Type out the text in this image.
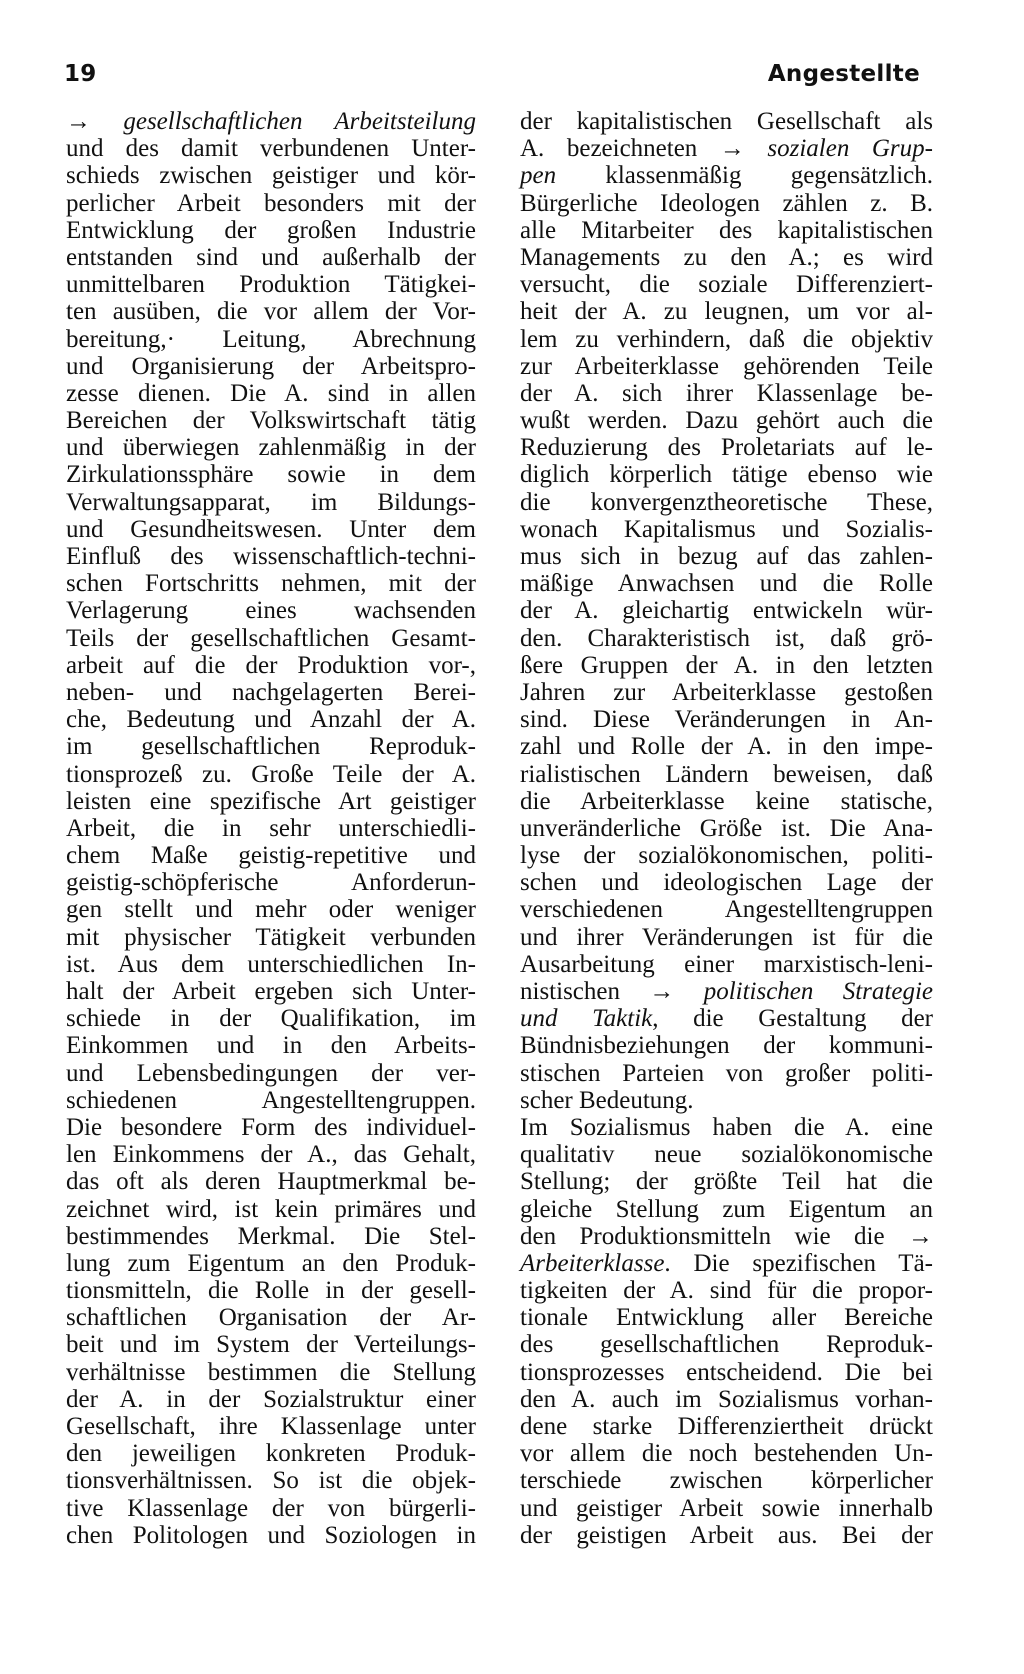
19	Angestellte
→ gesellschaftlichen Arbeitsteilung
und des damit verbundenen Unter-
schieds zwischen geistiger und kör-
perlicher Arbeit besonders mit der
Entwicklung der großen Industrie
entstanden sind und außerhalb der
unmittelbaren Produktion Tätigkei-
ten ausüben, die vor allem der Vor-
bereitung,· Leitung, Abrechnung
und Organisierung der Arbeitspro-
zesse dienen. Die A. sind in allen
Bereichen der Volkswirtschaft tätig
und überwiegen zahlenmäßig in der
Zirkulationssphäre sowie in dem
Verwaltungsapparat, im Bildungs-
und Gesundheitswesen. Unter dem
Einfluß des wissenschaftlich-techni-
schen Fortschritts nehmen, mit der
Verlagerung eines wachsenden
Teils der gesellschaftlichen Gesamt-
arbeit auf die der Produktion vor-,
neben- und nachgelagerten Berei-
che, Bedeutung und Anzahl der A.
im gesellschaftlichen Reproduk-
tionsprozeß zu. Große Teile der A.
leisten eine spezifische Art geistiger
Arbeit, die in sehr unterschiedli-
chem Maße geistig-repetitive und
geistig-schöpferische Anforderun-
gen stellt und mehr oder weniger
mit physischer Tätigkeit verbunden
ist. Aus dem unterschiedlichen In-
halt der Arbeit ergeben sich Unter-
schiede in der Qualifikation, im
Einkommen und in den Arbeits-
und Lebensbedingungen der ver-
schiedenen Angestelltengruppen.
Die besondere Form des individuel-
len Einkommens der A., das Gehalt,
das oft als deren Hauptmerkmal be-
zeichnet wird, ist kein primäres und
bestimmendes Merkmal. Die Stel-
lung zum Eigentum an den Produk-
tionsmitteln, die Rolle in der gesell-
schaftlichen Organisation der Ar-
beit und im System der Verteilungs-
verhältnisse bestimmen die Stellung
der A. in der Sozialstruktur einer
Gesellschaft, ihre Klassenlage unter
den jeweiligen konkreten Produk-
tionsverhältnissen. So ist die objek-
tive Klassenlage der von bürgerli-
chen Politologen und Soziologen in
der kapitalistischen Gesellschaft als
A. bezeichneten → sozialen Grup-
pen klassenmäßig gegensätzlich.
Bürgerliche Ideologen zählen z. B.
alle Mitarbeiter des kapitalistischen
Managements zu den A.; es wird
versucht, die soziale Differenziert-
heit der A. zu leugnen, um vor al-
lem zu verhindern, daß die objektiv
zur Arbeiterklasse gehörenden Teile
der A. sich ihrer Klassenlage be-
wußt werden. Dazu gehört auch die
Reduzierung des Proletariats auf le-
diglich körperlich tätige ebenso wie
die konvergenztheoretische These,
wonach Kapitalismus und Sozialis-
mus sich in bezug auf das zahlen-
mäßige Anwachsen und die Rolle
der A. gleichartig entwickeln wür-
den. Charakteristisch ist, daß grö-
ßere Gruppen der A. in den letzten
Jahren zur Arbeiterklasse gestoßen
sind. Diese Veränderungen in An-
zahl und Rolle der A. in den impe-
rialistischen Ländern beweisen, daß
die Arbeiterklasse keine statische,
unveränderliche Größe ist. Die Ana-
lyse der sozialökonomischen, politi-
schen und ideologischen Lage der
verschiedenen Angestelltengruppen
und ihrer Veränderungen ist für die
Ausarbeitung einer marxistisch-leni-
nistischen → politischen Strategie
und Taktik, die Gestaltung der
Bündnisbeziehungen der kommuni-
stischen Parteien von großer politi-
scher Bedeutung.
Im Sozialismus haben die A. eine
qualitativ neue sozialökonomische
Stellung; der größte Teil hat die
gleiche Stellung zum Eigentum an
den Produktionsmitteln wie die →
Arbeiterklasse. Die spezifischen Tä-
tigkeiten der A. sind für die propor-
tionale Entwicklung aller Bereiche
des gesellschaftlichen Reproduk-
tionsprozesses entscheidend. Die bei
den A. auch im Sozialismus vorhan-
dene starke Differenziertheit drückt
vor allem die noch bestehenden Un-
terschiede zwischen körperlicher
und geistiger Arbeit sowie innerhalb
der geistigen Arbeit aus. Bei der
